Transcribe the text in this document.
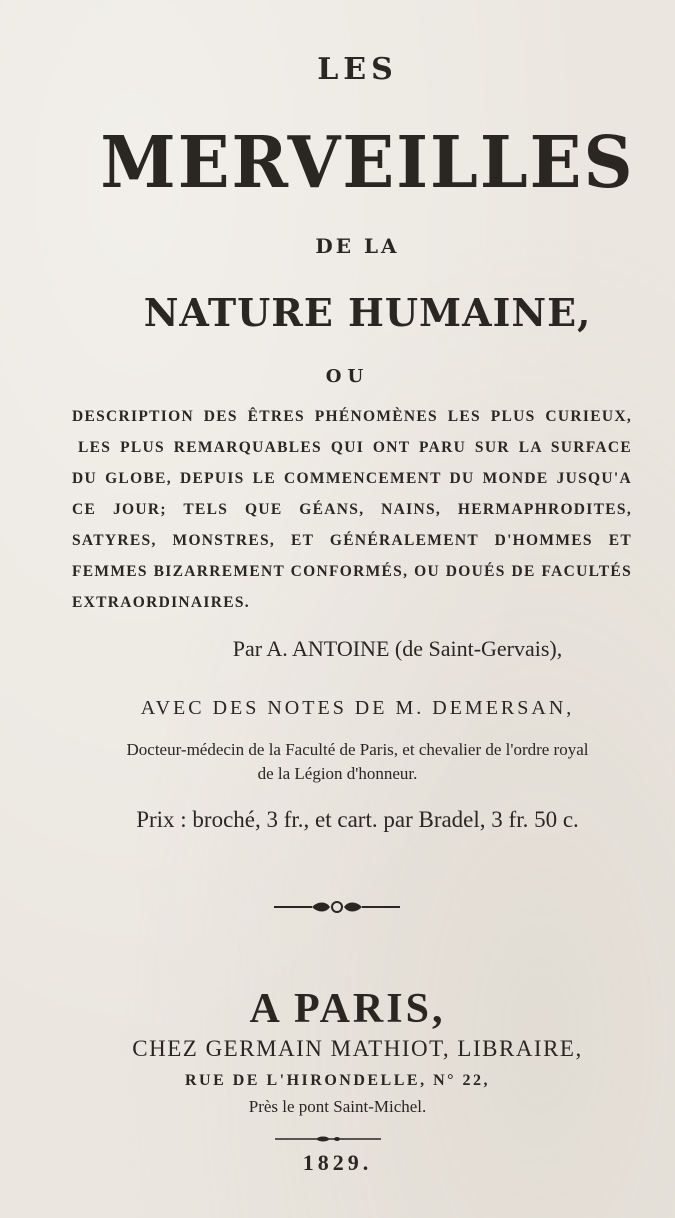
LES
MERVEILLES
DE LA
NATURE HUMAINE,
OU
DESCRIPTION DES ÊTRES PHÉNOMÈNES LES PLUS CURIEUX,
LES PLUS REMARQUABLES QUI ONT PARU SUR LA SURFACE
DU GLOBE, DEPUIS LE COMMENCEMENT DU MONDE JUSQU'A
CE JOUR; TELS QUE GÉANS, NAINS, HERMAPHRODITES,
SATYRES, MONSTRES, ET GÉNÉRALEMENT D'HOMMES ET
FEMMES BIZARREMENT CONFORMÉS, OU DOUÉS DE FACULTÉS
EXTRAORDINAIRES.
Par A. ANTOINE (de Saint-Gervais),
AVEC DES NOTES DE M. DEMERSAN,
Docteur-médecin de la Faculté de Paris, et chevalier de l'ordre royal
de la Légion d'honneur.
Prix : broché, 3 fr., et cart. par Bradel, 3 fr. 50 c.
A PARIS,
CHEZ GERMAIN MATHIOT, LIBRAIRE,
RUE DE L'HIRONDELLE, N° 22,
Près le pont Saint-Michel.
1829.
